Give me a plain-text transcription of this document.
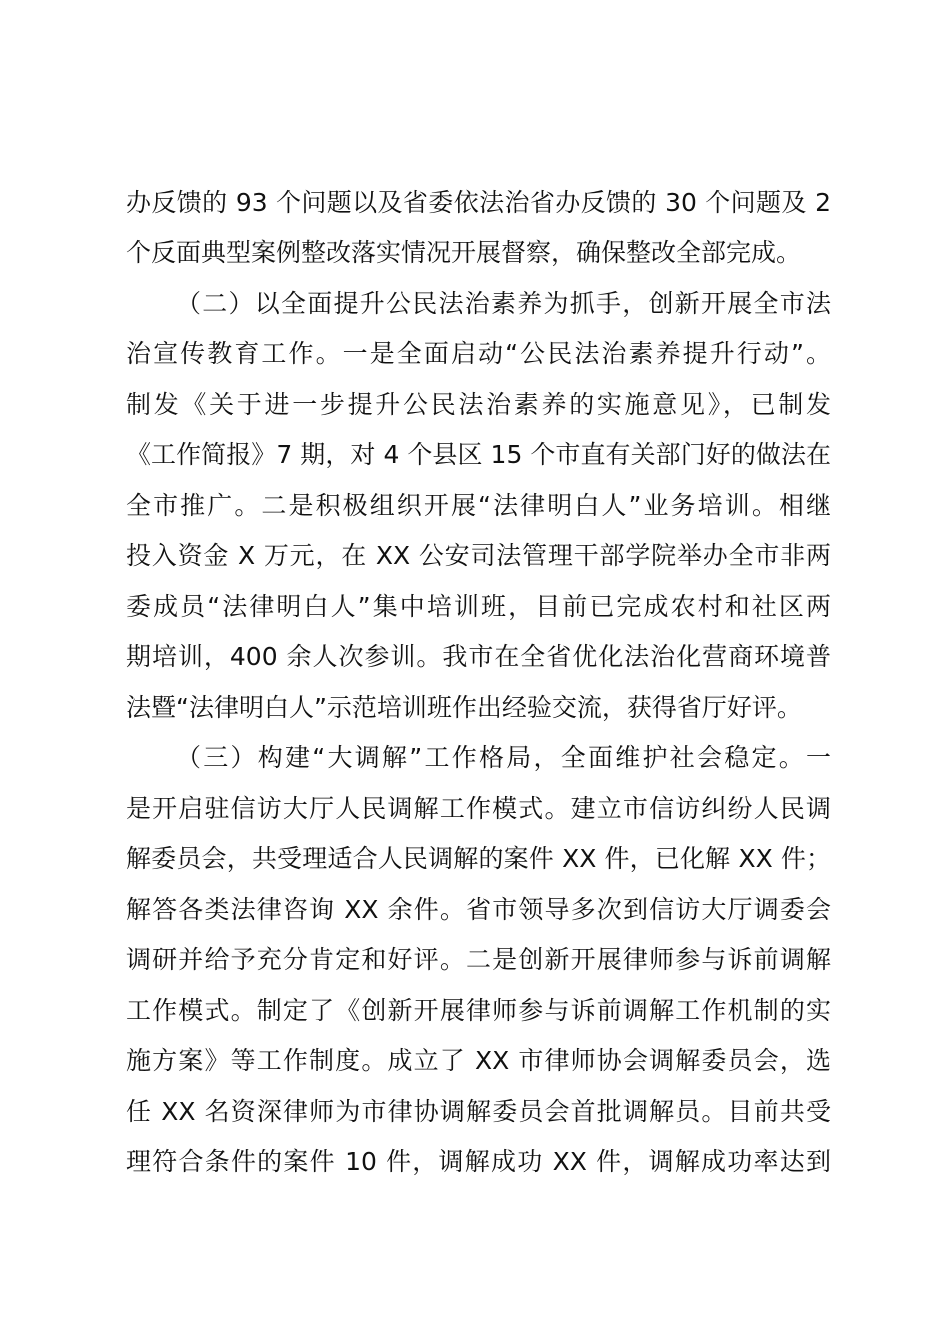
办反馈的 93 个问题以及省委依法治省办反馈的 30 个问题及 2
个反面典型案例整改落实情况开展督察，确保整改全部完成。
（二）以全面提升公民法治素养为抓手，创新开展全市法
治宣传教育工作。一是全面启动“公民法治素养提升行动”。
制发《关于进一步提升公民法治素养的实施意见》，已制发
《工作简报》7 期，对 4 个县区 15 个市直有关部门好的做法在
全市推广。二是积极组织开展“法律明白人”业务培训。相继
投入资金 X 万元，在 XX 公安司法管理干部学院举办全市非两
委成员“法律明白人”集中培训班，目前已完成农村和社区两
期培训，400 余人次参训。我市在全省优化法治化营商环境普
法暨“法律明白人”示范培训班作出经验交流，获得省厅好评。
（三）构建“大调解”工作格局，全面维护社会稳定。一
是开启驻信访大厅人民调解工作模式。建立市信访纠纷人民调
解委员会，共受理适合人民调解的案件 XX 件，已化解 XX 件；
解答各类法律咨询 XX 余件。省市领导多次到信访大厅调委会
调研并给予充分肯定和好评。二是创新开展律师参与诉前调解
工作模式。制定了《创新开展律师参与诉前调解工作机制的实
施方案》等工作制度。成立了 XX 市律师协会调解委员会，选
任 XX 名资深律师为市律协调解委员会首批调解员。目前共受
理符合条件的案件 10 件，调解成功 XX 件，调解成功率达到
